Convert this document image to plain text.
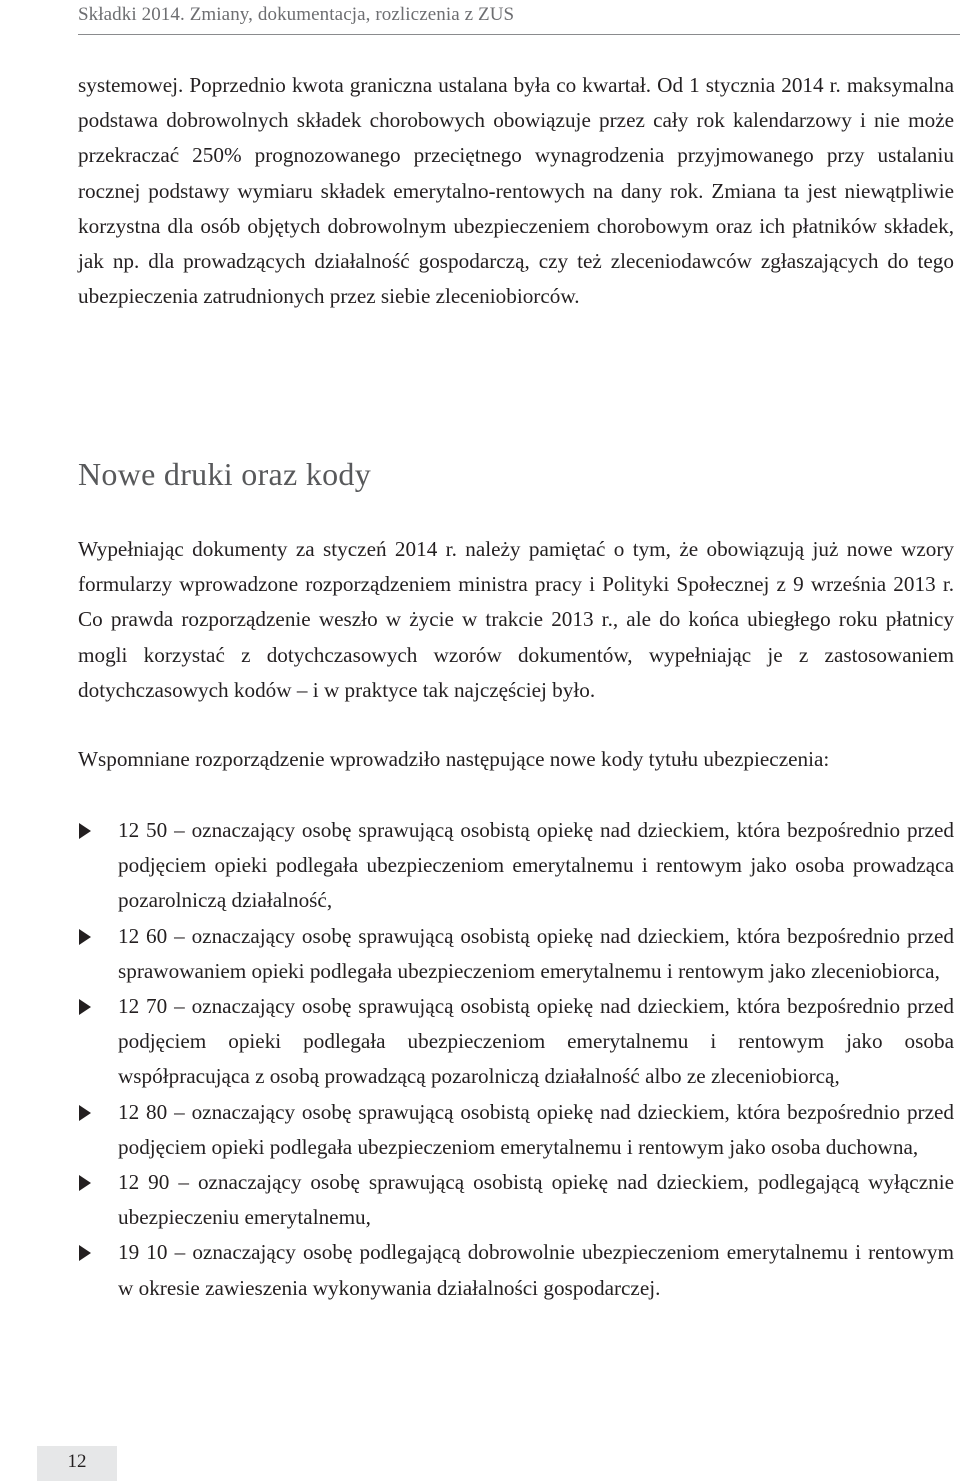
Składki 2014. Zmiany, dokumentacja, rozliczenia z ZUS

systemowej. Poprzednio kwota graniczna ustalana była co kwartał. Od 1 stycznia 2014 r. maksymalna podstawa dobrowolnych składek chorobowych obowiązuje przez cały rok kalendarzowy i nie może przekraczać 250% prognozowanego przeciętnego wynagrodzenia przyjmowanego przy ustalaniu rocznej podstawy wymiaru składek emerytalno-rentowych na dany rok. Zmiana ta jest niewątpliwie korzystna dla osób objętych dobrowolnym ubezpieczeniem chorobowym oraz ich płatników składek, jak np. dla prowadzących działalność gospodarczą, czy też zleceniodawców zgłaszających do tego ubezpieczenia zatrudnionych przez siebie zleceniobiorców.

Nowe druki oraz kody

Wypełniając dokumenty za styczeń 2014 r. należy pamiętać o tym, że obowiązują już nowe wzory formularzy wprowadzone rozporządzeniem ministra pracy i Polityki Społecznej z 9 września 2013 r. Co prawda rozporządzenie weszło w życie w trakcie 2013 r., ale do końca ubiegłego roku płatnicy mogli korzystać z dotychczasowych wzorów dokumentów, wypełniając je z zastosowaniem dotychczasowych kodów – i w praktyce tak najczęściej było.

Wspomniane rozporządzenie wprowadziło następujące nowe kody tytułu ubezpieczenia:

12 50 – oznaczający osobę sprawującą osobistą opiekę nad dzieckiem, która bezpośrednio przed podjęciem opieki podlegała ubezpieczeniom emerytalnemu i rentowym jako osoba prowadząca pozarolniczą działalność,
12 60 – oznaczający osobę sprawującą osobistą opiekę nad dzieckiem, która bezpośrednio przed sprawowaniem opieki podlegała ubezpieczeniom emerytalnemu i rentowym jako zleceniobiorca,
12 70 – oznaczający osobę sprawującą osobistą opiekę nad dzieckiem, która bezpośrednio przed podjęciem opieki podlegała ubezpieczeniom emerytalnemu i rentowym jako osoba współpracująca z osobą prowadzącą pozarolniczą działalność albo ze zleceniobiorcą,
12 80 – oznaczający osobę sprawującą osobistą opiekę nad dzieckiem, która bezpośrednio przed podjęciem opieki podlegała ubezpieczeniom emerytalnemu i rentowym jako osoba duchowna,
12 90 – oznaczający osobę sprawującą osobistą opiekę nad dzieckiem, podlegającą wyłącznie ubezpieczeniu emerytalnemu,
19 10 – oznaczający osobę podlegającą dobrowolnie ubezpieczeniom emerytalnemu i rentowym w okresie zawieszenia wykonywania działalności gospodarczej.
12
